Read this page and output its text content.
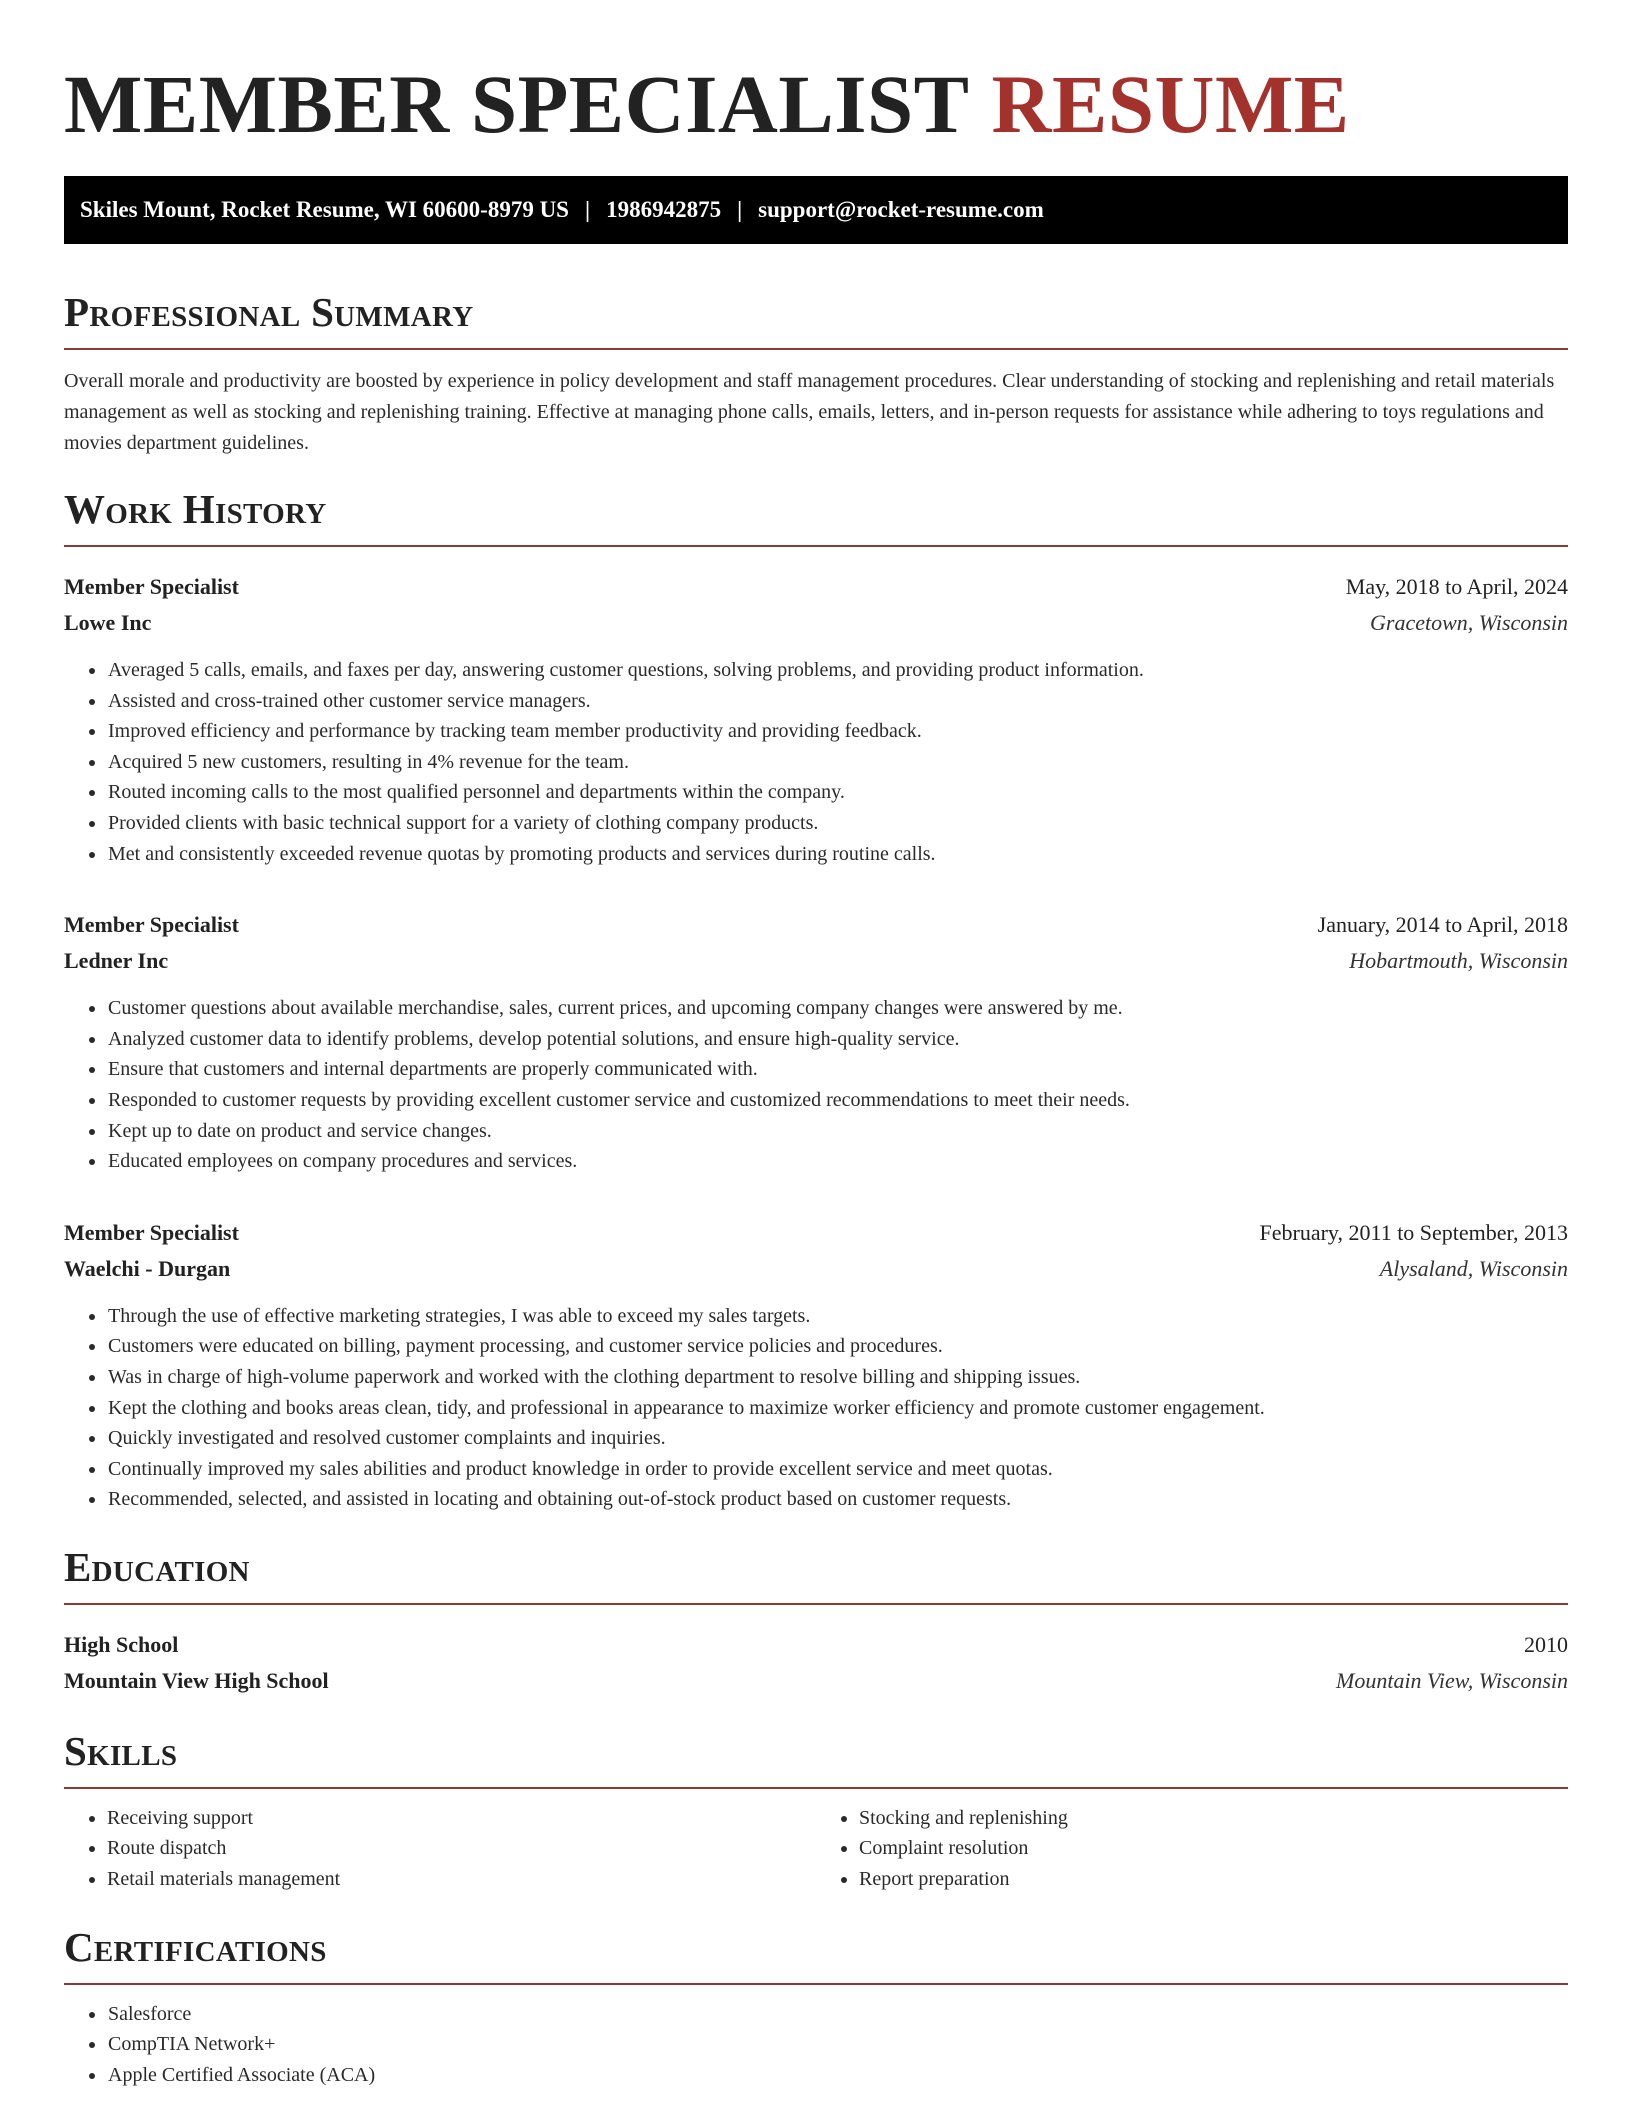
MEMBER SPECIALIST RESUME
Skiles Mount, Rocket Resume, WI 60600-8979 US | 1986942875 | support@rocket-resume.com
Professional Summary

Overall morale and productivity are boosted by experience in policy development and staff management procedures. Clear understanding of stocking and replenishing and retail materials management as well as stocking and replenishing training. Effective at managing phone calls, emails, letters, and in-person requests for assistance while adhering to toys regulations and movies department guidelines.

Work History
Member Specialist	May, 2018 to April, 2024
Lowe Inc	Gracetown, Wisconsin
• Averaged 5 calls, emails, and faxes per day, answering customer questions, solving problems, and providing product information.
• Assisted and cross-trained other customer service managers.
• Improved efficiency and performance by tracking team member productivity and providing feedback.
• Acquired 5 new customers, resulting in 4% revenue for the team.
• Routed incoming calls to the most qualified personnel and departments within the company.
• Provided clients with basic technical support for a variety of clothing company products.
• Met and consistently exceeded revenue quotas by promoting products and services during routine calls.
Member Specialist	January, 2014 to April, 2018
Ledner Inc	Hobartmouth, Wisconsin
• Customer questions about available merchandise, sales, current prices, and upcoming company changes were answered by me.
• Analyzed customer data to identify problems, develop potential solutions, and ensure high-quality service.
• Ensure that customers and internal departments are properly communicated with.
• Responded to customer requests by providing excellent customer service and customized recommendations to meet their needs.
• Kept up to date on product and service changes.
• Educated employees on company procedures and services.
Member Specialist	February, 2011 to September, 2013
Waelchi - Durgan	Alysaland, Wisconsin
• Through the use of effective marketing strategies, I was able to exceed my sales targets.
• Customers were educated on billing, payment processing, and customer service policies and procedures.
• Was in charge of high-volume paperwork and worked with the clothing department to resolve billing and shipping issues.
• Kept the clothing and books areas clean, tidy, and professional in appearance to maximize worker efficiency and promote customer engagement.
• Quickly investigated and resolved customer complaints and inquiries.
• Continually improved my sales abilities and product knowledge in order to provide excellent service and meet quotas.
• Recommended, selected, and assisted in locating and obtaining out-of-stock product based on customer requests.
Education
High School	2010
Mountain View High School	Mountain View, Wisconsin
Skills
• Receiving support
• Route dispatch
• Retail materials management
• Stocking and replenishing
• Complaint resolution
• Report preparation
Certifications
• Salesforce
• CompTIA Network+
• Apple Certified Associate (ACA)
